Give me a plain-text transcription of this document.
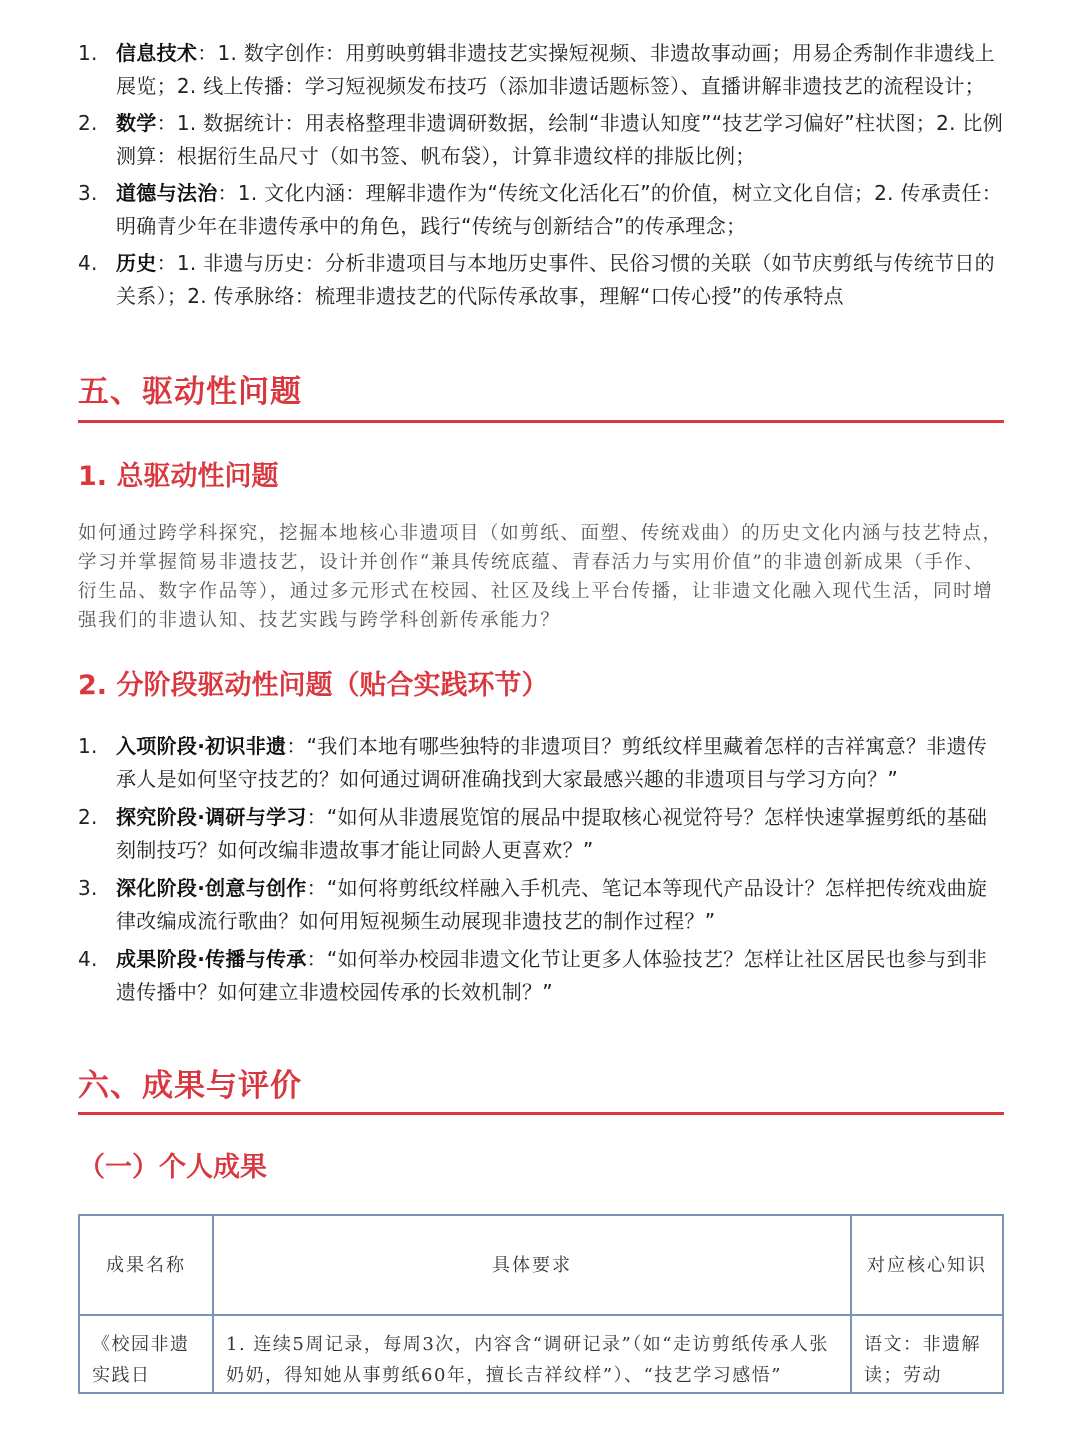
1. 信息技术：1. 数字创作：用剪映剪辑非遗技艺实操短视频、非遗故事动画；用易企秀制作非遗线上展览；2. 线上传播：学习短视频发布技巧（添加非遗话题标签）、直播讲解非遗技艺的流程设计；
2. 数学：1. 数据统计：用表格整理非遗调研数据，绘制“非遗认知度”“技艺学习偏好”柱状图；2. 比例测算：根据衍生品尺寸（如书签、帆布袋），计算非遗纹样的排版比例；
3. 道德与法治：1. 文化内涵：理解非遗作为“传统文化活化石”的价值，树立文化自信；2. 传承责任：明确青少年在非遗传承中的角色，践行“传统与创新结合”的传承理念；
4. 历史：1. 非遗与历史：分析非遗项目与本地历史事件、民俗习惯的关联（如节庆剪纸与传统节日的关系）；2. 传承脉络：梳理非遗技艺的代际传承故事，理解“口传心授”的传承特点
五、驱动性问题
1. 总驱动性问题

如何通过跨学科探究，挖掘本地核心非遗项目（如剪纸、面塑、传统戏曲）的历史文化内涵与技艺特点，学习并掌握简易非遗技艺，设计并创作“兼具传统底蕴、青春活力与实用价值”的非遗创新成果（手作、衍生品、数字作品等），通过多元形式在校园、社区及线上平台传播，让非遗文化融入现代生活，同时增强我们的非遗认知、技艺实践与跨学科创新传承能力？

2. 分阶段驱动性问题（贴合实践环节）
1. 入项阶段·初识非遗：“我们本地有哪些独特的非遗项目？剪纸纹样里藏着怎样的吉祥寓意？非遗传承人是如何坚守技艺的？如何通过调研准确找到大家最感兴趣的非遗项目与学习方向？”
2. 探究阶段·调研与学习：“如何从非遗展览馆的展品中提取核心视觉符号？怎样快速掌握剪纸的基础刻制技巧？如何改编非遗故事才能让同龄人更喜欢？”
3. 深化阶段·创意与创作：“如何将剪纸纹样融入手机壳、笔记本等现代产品设计？怎样把传统戏曲旋律改编成流行歌曲？如何用短视频生动展现非遗技艺的制作过程？”
4. 成果阶段·传播与传承：“如何举办校园非遗文化节让更多人体验技艺？怎样让社区居民也参与到非遗传播中？如何建立非遗校园传承的长效机制？”
六、成果与评价
（一）个人成果
成果名称	具体要求	对应核心知识
《校园非遗实践日	1. 连续5周记录，每周3次，内容含“调研记录”（如“走访剪纸传承人张奶奶，得知她从事剪纸60年，擅长吉祥纹样”）、“技艺学习感悟”	语文：非遗解读；劳动
